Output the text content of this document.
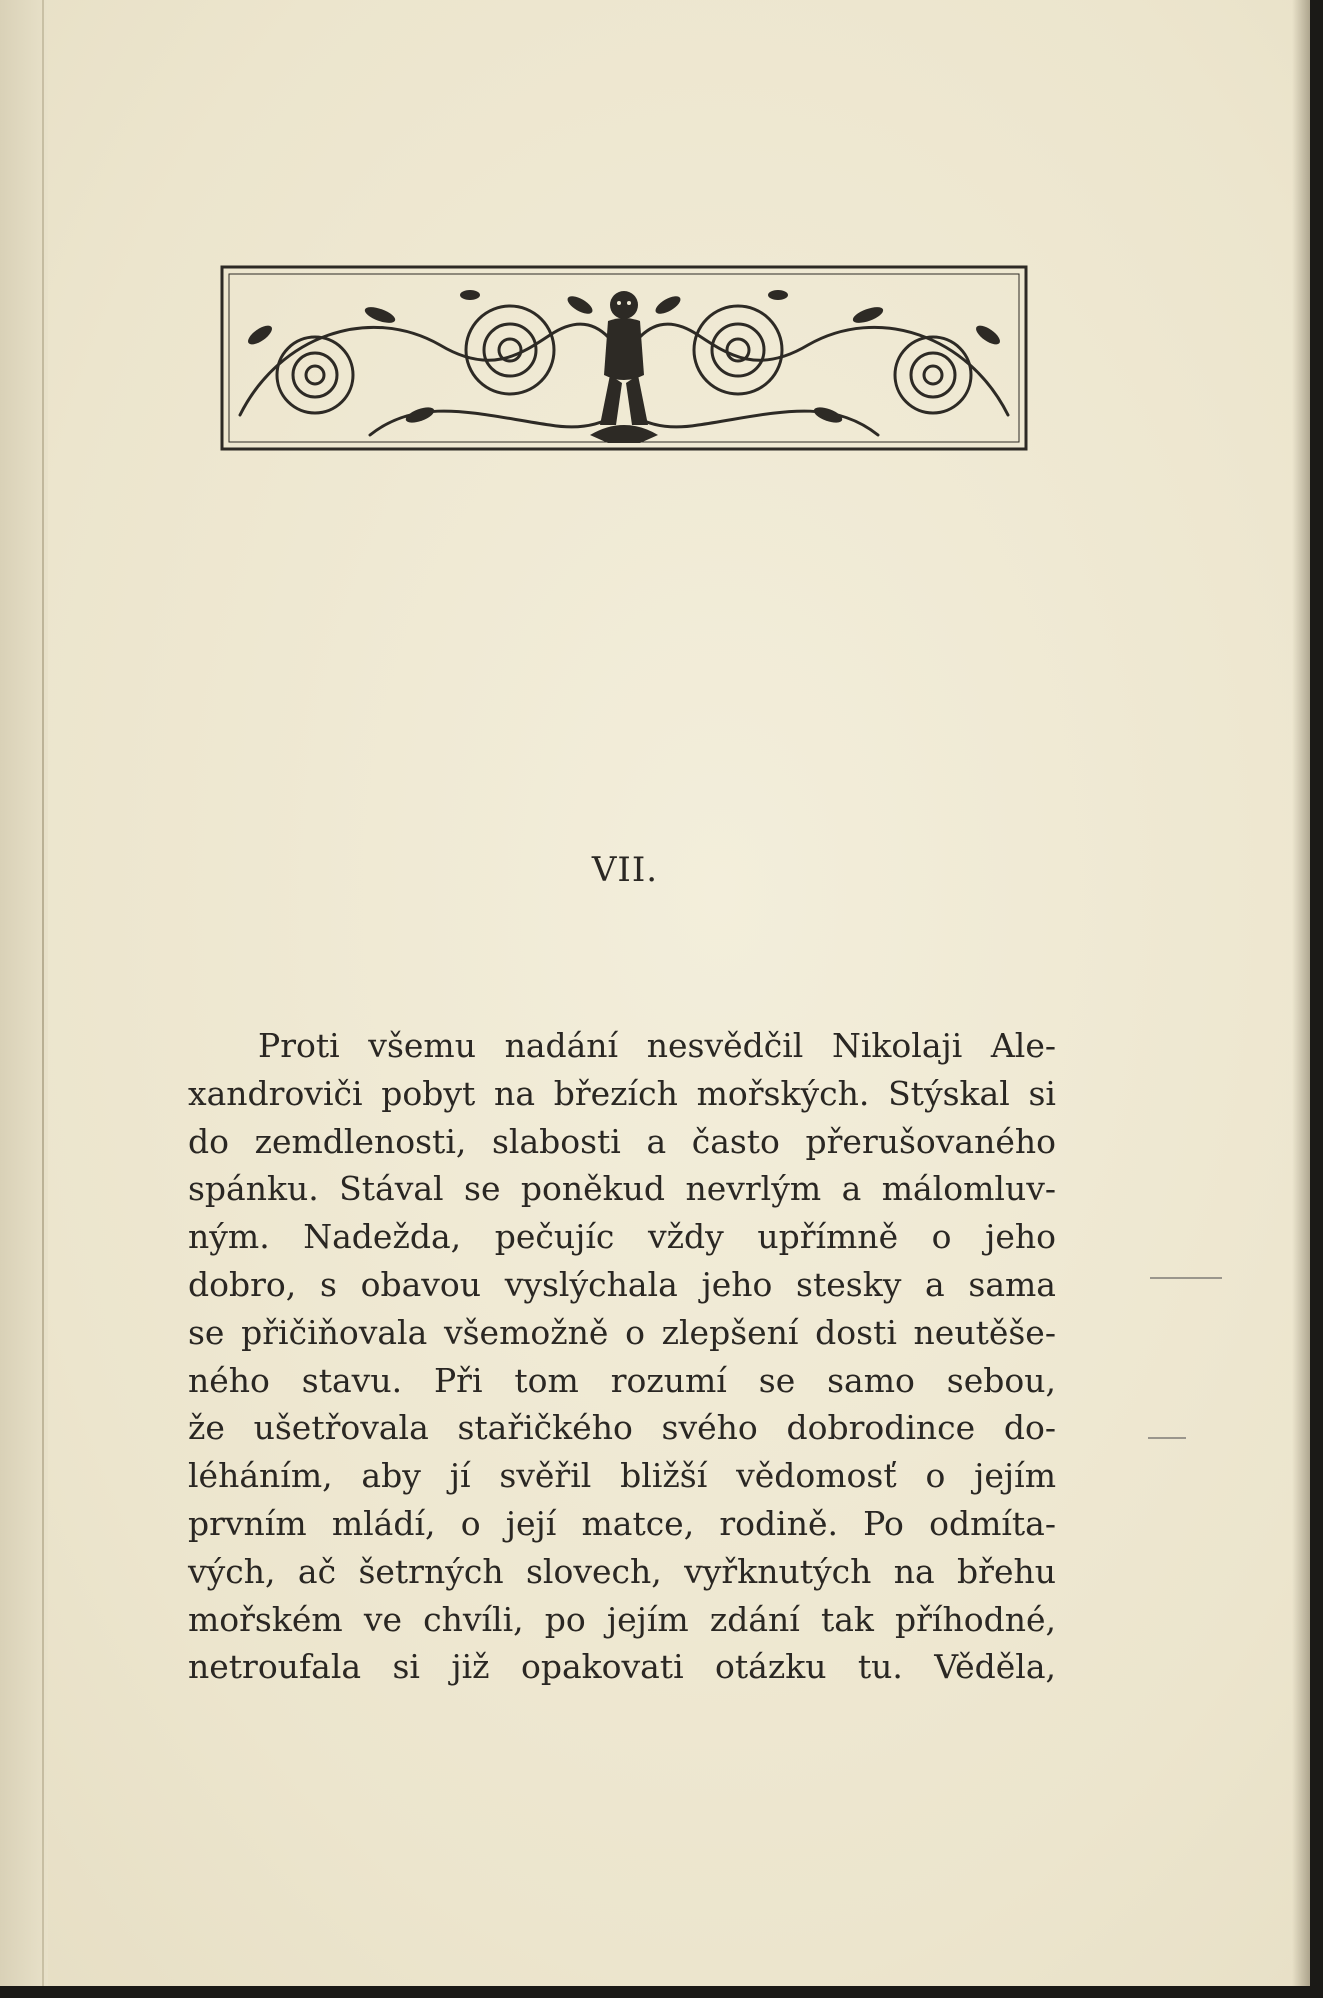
VII.
Proti všemu nadání nesvědčil Nikolaji Ale-
xandroviči pobyt na březích mořských. Stýskal si
do zemdlenosti, slabosti a často přerušovaného
spánku. Stával se poněkud nevrlým a málomluv-
ným. Nadežda, pečujíc vždy upřímně o jeho
dobro, s obavou vyslýchala jeho stesky a sama
se přičiňovala všemožně o zlepšení dosti neutěše-
ného stavu. Při tom rozumí se samo sebou,
že ušetřovala stařičkého svého dobrodince do-
léháním, aby jí svěřil bližší vědomosť o jejím
prvním mládí, o její matce, rodině. Po odmíta-
vých, ač šetrných slovech, vyřknutých na břehu
mořském ve chvíli, po jejím zdání tak příhodné,
netroufala si již opakovati otázku tu. Věděla,
